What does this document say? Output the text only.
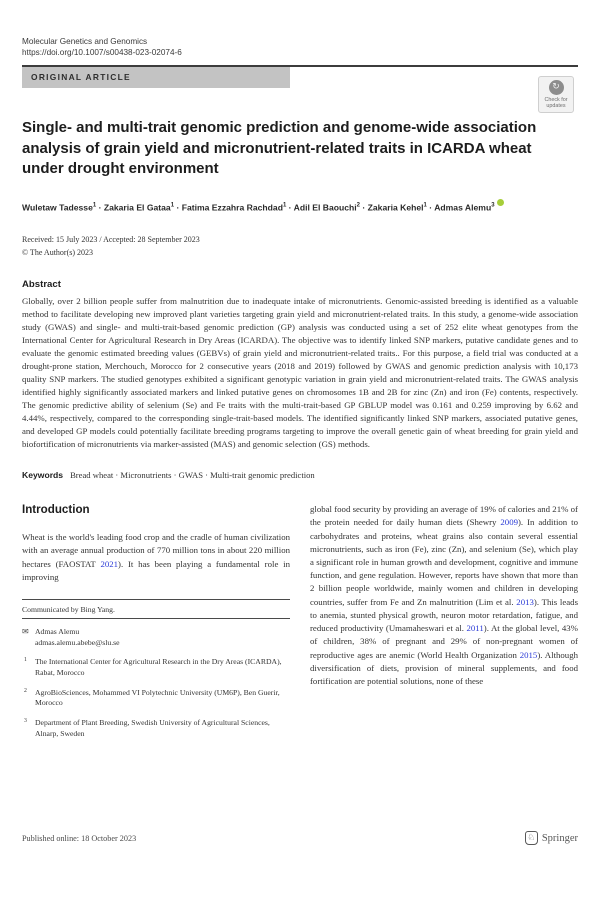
Molecular Genetics and Genomics
https://doi.org/10.1007/s00438-023-02074-6
ORIGINAL ARTICLE
↻
Check for
updates
Single- and multi-trait genomic prediction and genome-wide association analysis of grain yield and micronutrient-related traits in ICARDA wheat under drought environment
Wuletaw Tadesse$^1$ · Zakaria El Gataa$^1$ · Fatima Ezzahra Rachdad$^1$ · Adil El Baouchi$^2$ · Zakaria Kehel$^1$ · Admas Alemu$^3$
Received: 15 July 2023 / Accepted: 28 September 2023
© The Author(s) 2023
Abstract
Globally, over 2 billion people suffer from malnutrition due to inadequate intake of micronutrients. Genomic-assisted breeding is identified as a valuable method to facilitate developing new improved plant varieties targeting grain yield and micronutrient-related traits. In this study, a genome-wide association study (GWAS) and single- and multi-trait-based genomic prediction (GP) analysis was conducted using a set of 252 elite wheat genotypes from the International Center for Agricultural Research in Dry Areas (ICARDA). The objective was to identify linked SNP markers, putative candidate genes and to evaluate the genomic estimated breeding values (GEBVs) of grain yield and micronutrient-related traits.. For this purpose, a field trial was conducted at a drought-prone station, Merchouch, Morocco for 2 consecutive years (2018 and 2019) followed by GWAS and genomic prediction analysis with 10,173 quality SNP markers. The studied genotypes exhibited a significant genotypic variation in grain yield and micronutrient-related traits. The GWAS analysis identified highly significantly associated markers and linked putative genes on chromosomes 1B and 2B for zinc (Zn) and iron (Fe) contents, respectively. The genomic predictive ability of selenium (Se) and Fe traits with the multi-trait-based GP GBLUP model was 0.161 and 0.259 improving by 6.62 and 4.44%, respectively, compared to the corresponding single-trait-based models. The identified significantly linked SNP markers, associated putative genes, and developed GP models could potentially facilitate breeding programs targeting to improve the overall genetic gain of wheat breeding for grain yield and biofortification of micronutrients via marker-assisted (MAS) and genomic selection (GS) methods.
Keywords Bread wheat · Micronutrients · GWAS · Multi-trait genomic prediction
Introduction
Wheat is the world's leading food crop and the cradle of human civilization with an average annual production of 770 million tons in about 220 million hectares (FAOSTAT 2021). It has been playing a fundamental role in improving
Communicated by Bing Yang.
✉ Admas Alemu
admas.alemu.abebe@slu.se
1 The International Center for Agricultural Research in the Dry Areas (ICARDA), Rabat, Morocco
2 AgroBioSciences, Mohammed VI Polytechnic University (UM6P), Ben Guerir, Morocco
3 Department of Plant Breeding, Swedish University of Agricultural Sciences, Alnarp, Sweden
global food security by providing an average of 19% of calories and 21% of the protein needed for daily human diets (Shewry 2009). In addition to carbohydrates and proteins, wheat grains also contain several essential micronutrients, such as iron (Fe), zinc (Zn), and selenium (Se), which play a significant role in human growth and development, cognitive and immune function, and gene regulation. However, reports have shown that more than 2 billion people worldwide, mainly women and children in developing countries, suffer from Fe and Zn malnutrition (Lim et al. 2013). This leads to anemia, stunted physical growth, neuron motor retardation, fatigue, and reduced productivity (Umamaheswari et al. 2011). At the global level, 43% of children, 38% of pregnant and 29% of non-pregnant women of reproductive ages are anemic (World Health Organization 2015). Although diversification of diets, provision of mineral supplements, and food fortification are potential solutions, none of these
Published online: 18 October 2023	♘ Springer
